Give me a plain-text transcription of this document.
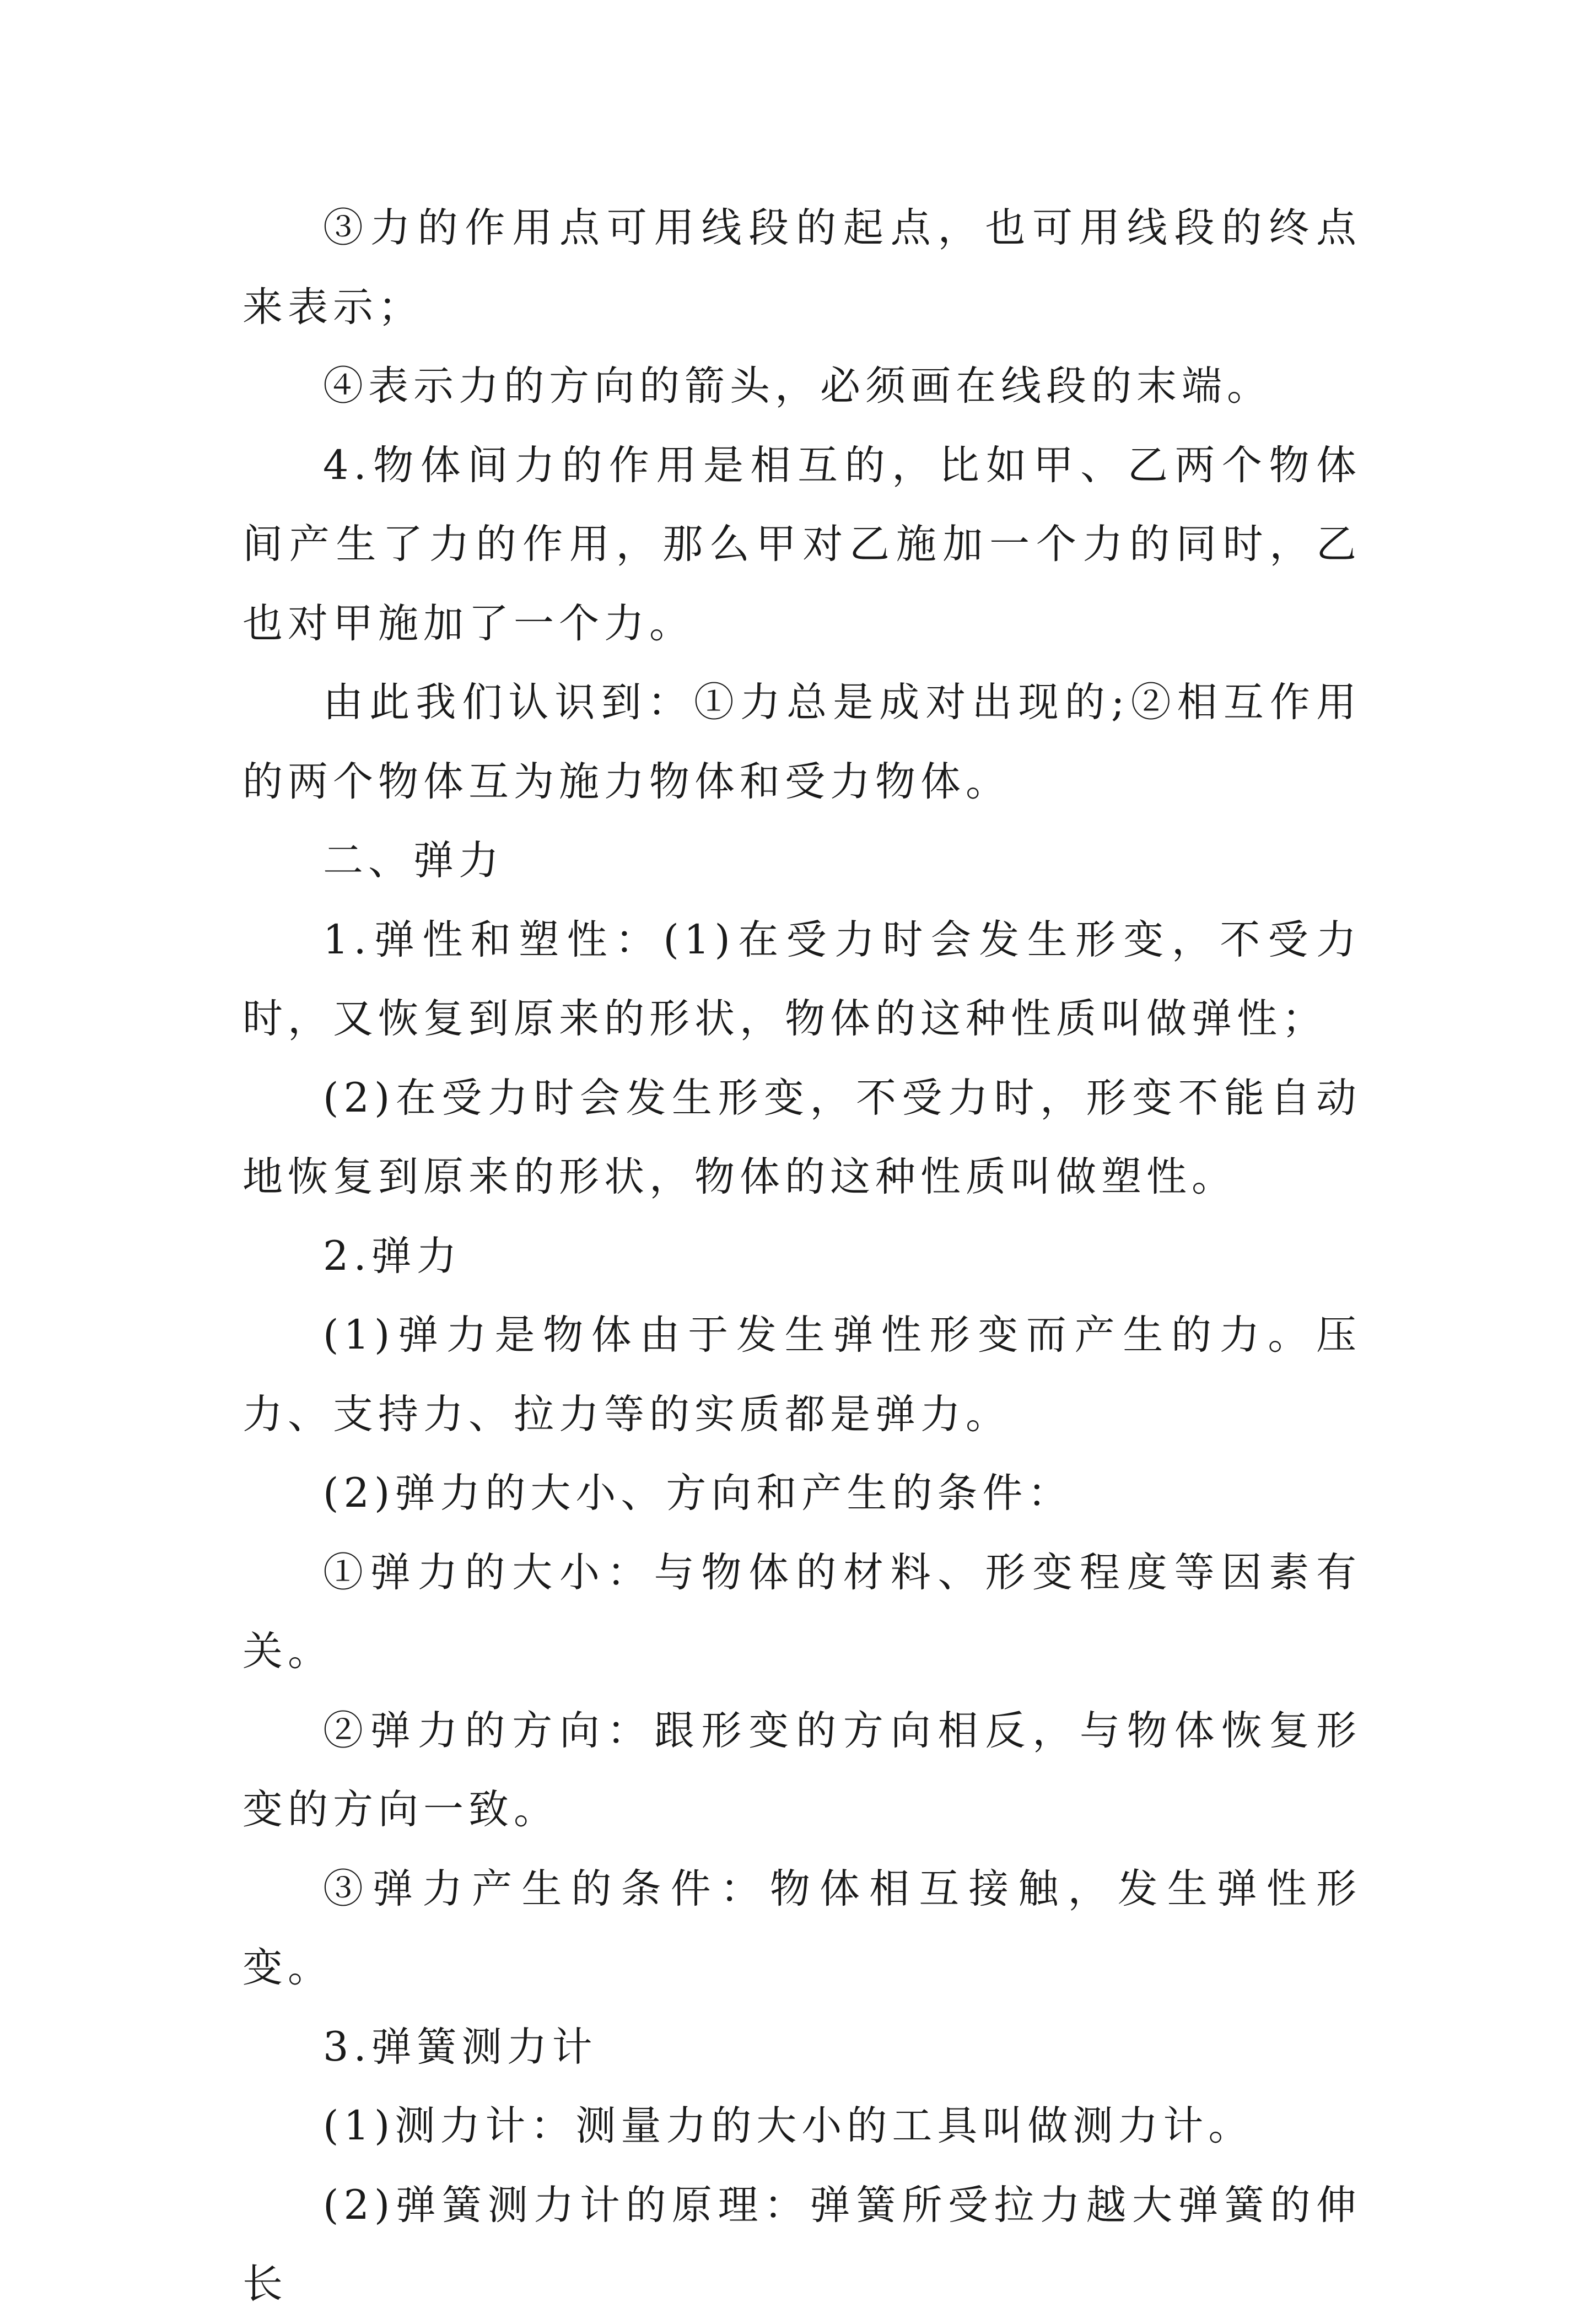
③力的作用点可用线段的起点，也可用线段的终点来表示；

④表示力的方向的箭头，必须画在线段的末端。

4.物体间力的作用是相互的，比如甲、乙两个物体间产生了力的作用，那么甲对乙施加一个力的同时，乙也对甲施加了一个力。

由此我们认识到：①力总是成对出现的;②相互作用的两个物体互为施力物体和受力物体。

二、弹力

1.弹性和塑性：(1)在受力时会发生形变，不受力时，又恢复到原来的形状，物体的这种性质叫做弹性；

(2)在受力时会发生形变，不受力时，形变不能自动地恢复到原来的形状，物体的这种性质叫做塑性。

2.弹力

(1)弹力是物体由于发生弹性形变而产生的力。压力、支持力、拉力等的实质都是弹力。

(2)弹力的大小、方向和产生的条件：

①弹力的大小：与物体的材料、形变程度等因素有关。

②弹力的方向：跟形变的方向相反，与物体恢复形变的方向一致。

③弹力产生的条件：物体相互接触，发生弹性形变。

3.弹簧测力计

(1)测力计：测量力的大小的工具叫做测力计。

(2)弹簧测力计的原理：弹簧所受拉力越大弹簧的伸长
